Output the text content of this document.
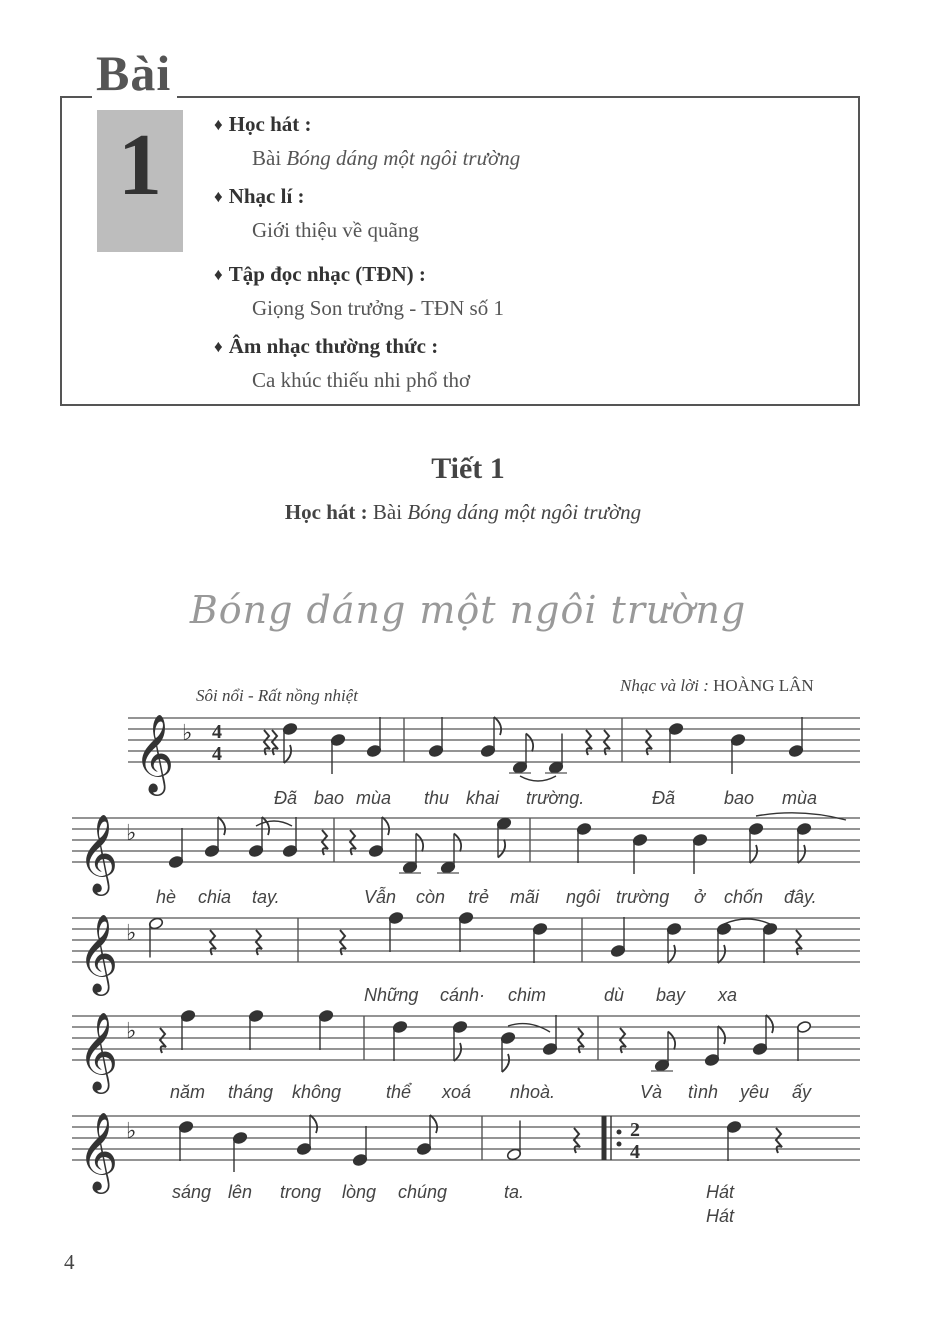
Bài
1	♦ Học hát :
Bài Bóng dáng một ngôi trường
♦ Nhạc lí :
Giới thiệu về quãng
♦ Tập đọc nhạc (TĐN) :
Giọng Son trưởng - TĐN số 1
♦ Âm nhạc thường thức :
Ca khúc thiếu nhi phổ thơ
Tiết 1
Học hát : Bài Bóng dáng một ngôi trường
Bóng dáng một ngôi trường
Sôi nổi - Rất nồng nhiệt
Nhạc và lời : HOÀNG LÂN
𝄞 ♭
𝄞 ♭
𝄞 ♭
𝄞 ♭
𝄞 ♭
4
4
2
4
Đã bao mùa thu khai trường.	Đã	bao mùa
hè chia tay.	Vẫn còn trẻ mãi ngôi trường ở chốn đây.
Những cánh· chim	dù bay xa
năm tháng không thể xoá nhoà.	Và tình yêu ấy
sáng lên trong lòng chúng	ta.	Hát
Hát
4
